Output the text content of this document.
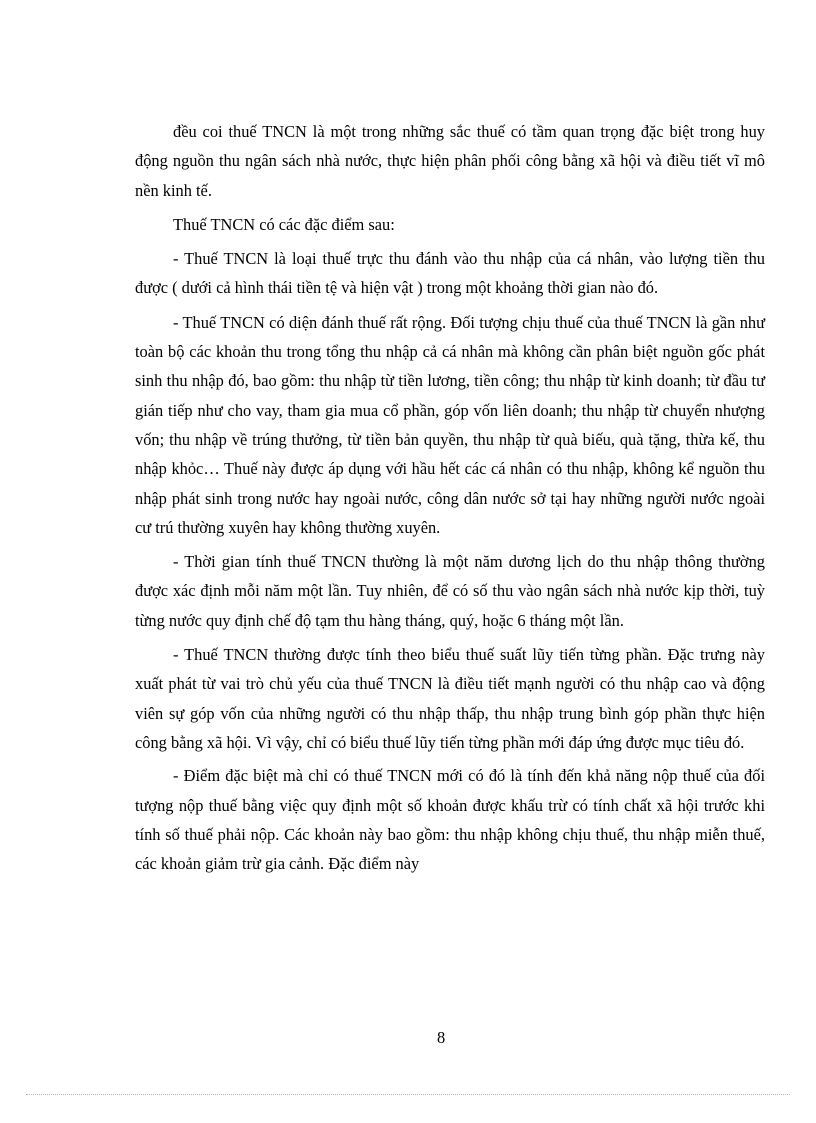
đều coi thuế TNCN là một trong những sắc thuế có tầm quan trọng đặc biệt trong huy động nguồn thu ngân sách nhà nước, thực hiện phân phối công bằng xã hội và điều tiết vĩ mô nền kinh tế.

Thuế TNCN có các đặc điểm sau:

- Thuế TNCN là loại thuế trực thu đánh vào thu nhập của cá nhân, vào lượng tiền thu được ( dưới cả hình thái tiền tệ và hiện vật ) trong một khoảng thời gian nào đó.

- Thuế TNCN có diện đánh thuế rất rộng. Đối tượng chịu thuế của thuế TNCN là gần như toàn bộ các khoản thu trong tổng thu nhập cả cá nhân mà không cần phân biệt nguồn gốc phát sinh thu nhập đó, bao gồm: thu nhập từ tiền lương, tiền công; thu nhập từ kinh doanh; từ đầu tư gián tiếp như cho vay, tham gia mua cổ phần, góp vốn liên doanh; thu nhập từ chuyển nhượng vốn; thu nhập về trúng thưởng, từ tiền bản quyền, thu nhập từ quà biếu, quà tặng, thừa kế, thu nhập khỏc… Thuế này được áp dụng với hầu hết các cá nhân có thu nhập, không kể nguồn thu nhập phát sinh trong nước hay ngoài nước, công dân nước sở tại hay những người nước ngoài cư trú thường xuyên hay không thường xuyên.

- Thời gian tính thuế TNCN thường là một năm dương lịch do thu nhập thông thường được xác định mỗi năm một lần. Tuy nhiên, để có số thu vào ngân sách nhà nước kịp thời, tuỳ từng nước quy định chế độ tạm thu hàng tháng, quý, hoặc 6 tháng một lần.

- Thuế TNCN thường được tính theo biểu thuế suất lũy tiến từng phần. Đặc trưng này xuất phát từ vai trò chủ yếu của thuế TNCN là điều tiết mạnh người có thu nhập cao và động viên sự góp vốn của những người có thu nhập thấp, thu nhập trung bình góp phần thực hiện công bằng xã hội. Vì vậy, chỉ có biểu thuế lũy tiến từng phần mới đáp ứng được mục tiêu đó.

- Điểm đặc biệt mà chỉ có thuế TNCN mới có đó là tính đến khả năng nộp thuế của đối tượng nộp thuế bằng việc quy định một số khoản được khấu trừ có tính chất xã hội trước khi tính số thuế phải nộp. Các khoản này bao gồm: thu nhập không chịu thuế, thu nhập miễn thuế, các khoản giảm trừ gia cảnh. Đặc điểm này

8
